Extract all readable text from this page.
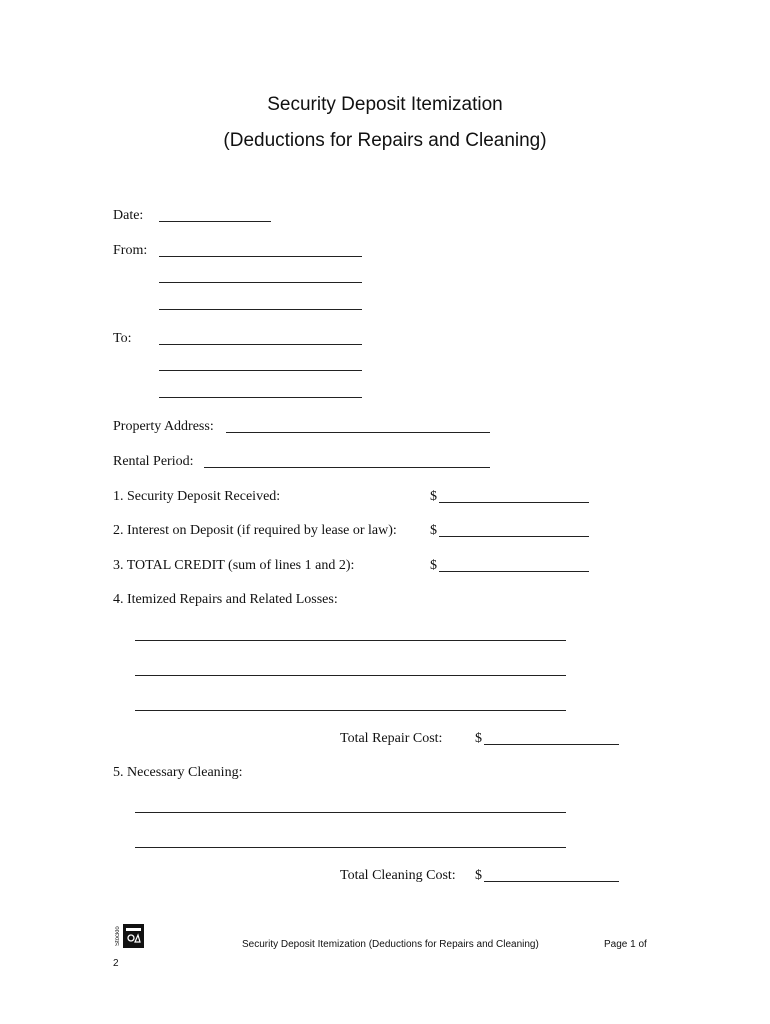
Security Deposit Itemization
(Deductions for Repairs and Cleaning)
Date:
From:
To:
Property Address:
Rental Period:
1. Security Deposit Received:	$
2. Interest on Deposit (if required by lease or law): $
3. TOTAL CREDIT (sum of lines 1 and 2):	$
4. Itemized Repairs and Related Losses:
Total Repair Cost: $
5. Necessary Cleaning:
Total Cleaning Cost: $
Stocklo	Security Deposit Itemization (Deductions for Repairs and Cleaning)	Page 1 of
2
